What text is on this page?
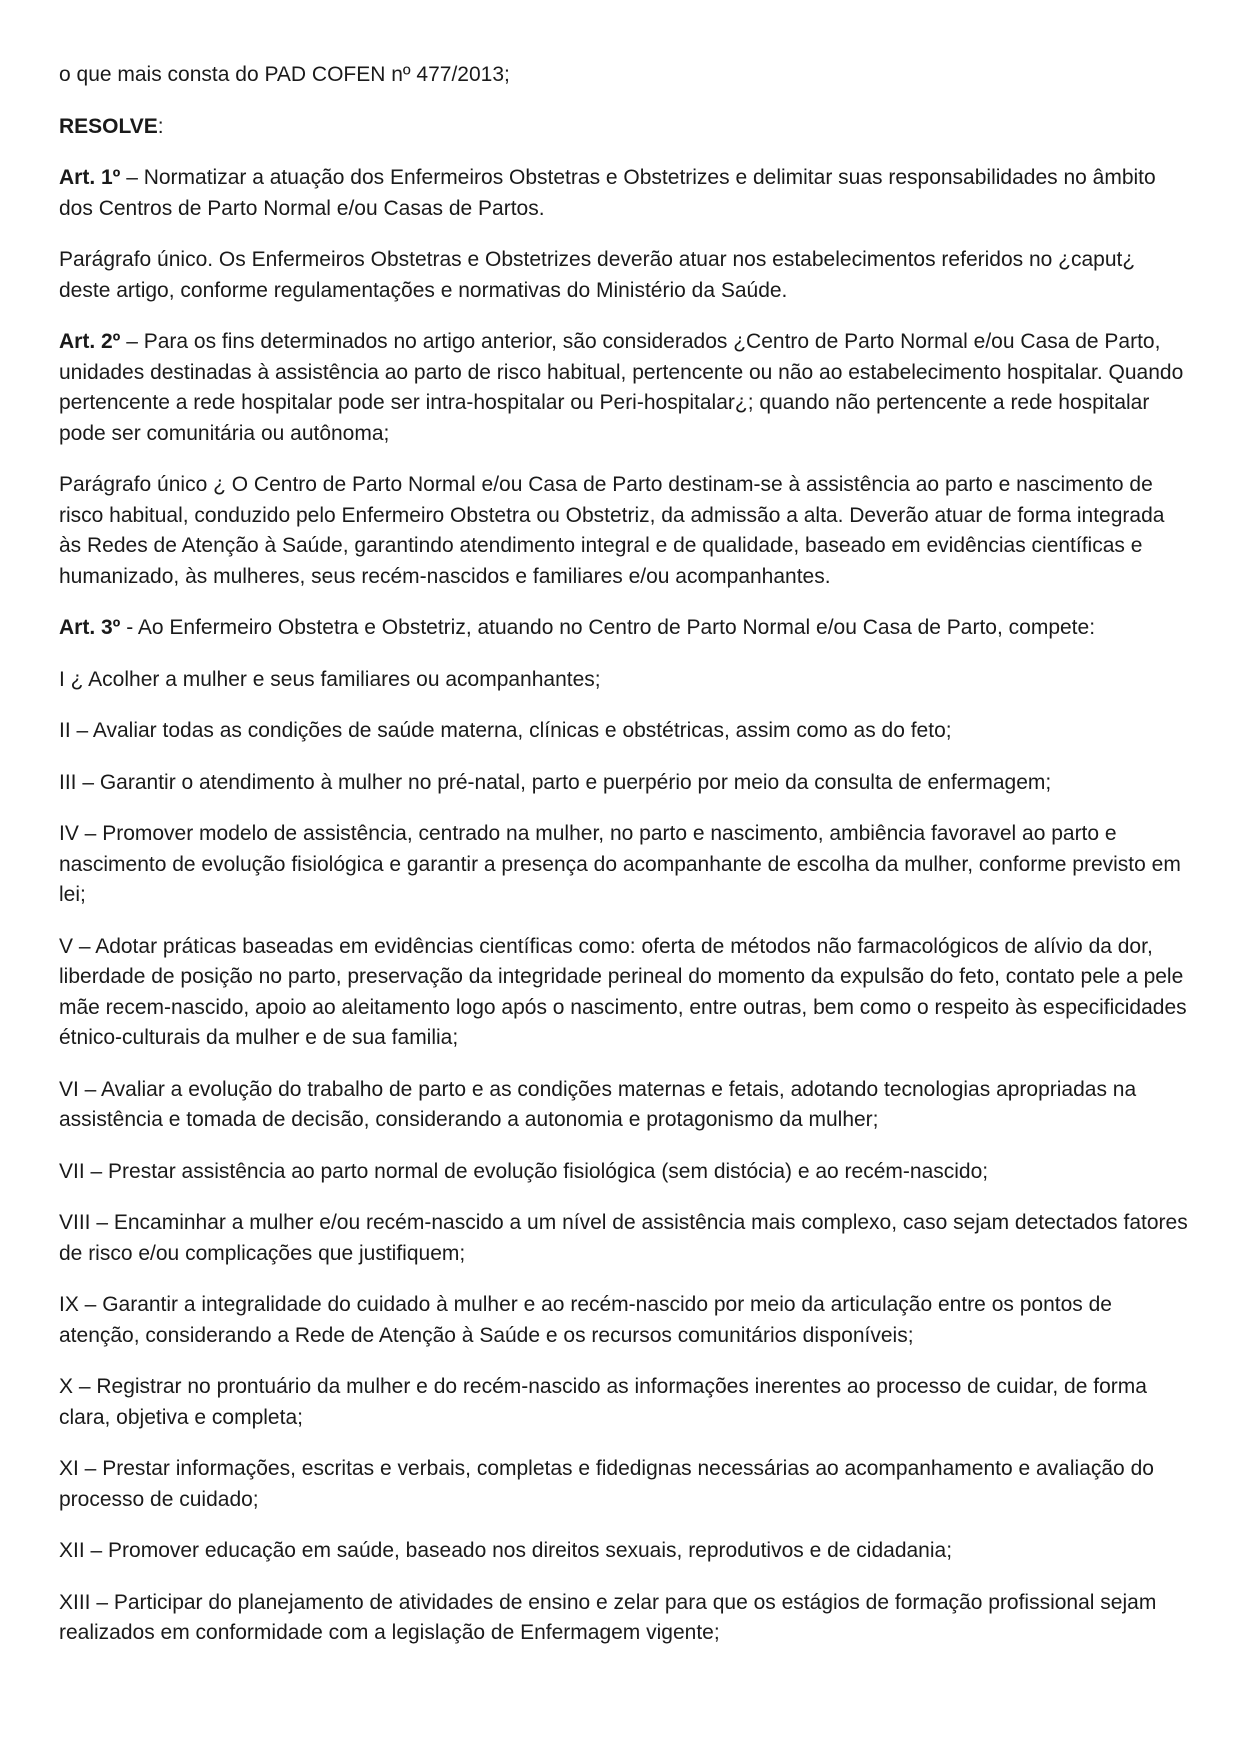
o que mais consta do PAD COFEN nº 477/2013;

RESOLVE:

Art. 1º – Normatizar a atuação dos Enfermeiros Obstetras e Obstetrizes e delimitar suas responsabilidades no âmbito dos Centros de Parto Normal e/ou Casas de Partos.

Parágrafo único. Os Enfermeiros Obstetras e Obstetrizes deverão atuar nos estabelecimentos referidos no ¿caput¿ deste artigo, conforme regulamentações e normativas do Ministério da Saúde.

Art. 2º – Para os fins determinados no artigo anterior, são considerados ¿Centro de Parto Normal e/ou Casa de Parto, unidades destinadas à assistência ao parto de risco habitual, pertencente ou não ao estabelecimento hospitalar. Quando pertencente a rede hospitalar pode ser intra-hospitalar ou Peri-hospitalar¿; quando não pertencente a rede hospitalar pode ser comunitária ou autônoma;

Parágrafo único ¿ O Centro de Parto Normal e/ou Casa de Parto destinam-se à assistência ao parto e nascimento de risco habitual, conduzido pelo Enfermeiro Obstetra ou Obstetriz, da admissão a alta. Deverão atuar de forma integrada às Redes de Atenção à Saúde, garantindo atendimento integral e de qualidade, baseado em evidências científicas e humanizado, às mulheres, seus recém-nascidos e familiares e/ou acompanhantes.

Art. 3º - Ao Enfermeiro Obstetra e Obstetriz, atuando no Centro de Parto Normal e/ou Casa de Parto, compete:

I ¿ Acolher a mulher e seus familiares ou acompanhantes;

II – Avaliar todas as condições de saúde materna, clínicas e obstétricas, assim como as do feto;

III – Garantir o atendimento à mulher no pré-natal, parto e puerpério por meio da consulta de enfermagem;

IV – Promover modelo de assistência, centrado na mulher, no parto e nascimento, ambiência favoravel ao parto e nascimento de evolução fisiológica e garantir a presença do acompanhante de escolha da mulher, conforme previsto em lei;

V – Adotar práticas baseadas em evidências científicas como: oferta de métodos não farmacológicos de alívio da dor, liberdade de posição no parto, preservação da integridade perineal do momento da expulsão do feto, contato pele a pele mãe recem-nascido, apoio ao aleitamento logo após o nascimento, entre outras, bem como o respeito às especificidades étnico-culturais da mulher e de sua familia;

VI – Avaliar a evolução do trabalho de parto e as condições maternas e fetais, adotando tecnologias apropriadas na assistência e tomada de decisão, considerando a autonomia e protagonismo da mulher;

VII – Prestar assistência ao parto normal de evolução fisiológica (sem distócia) e ao recém-nascido;

VIII – Encaminhar a mulher e/ou recém-nascido a um nível de assistência mais complexo, caso sejam detectados fatores de risco e/ou complicações que justifiquem;

IX – Garantir a integralidade do cuidado à mulher e ao recém-nascido por meio da articulação entre os pontos de atenção, considerando a Rede de Atenção à Saúde e os recursos comunitários disponíveis;

X – Registrar no prontuário da mulher e do recém-nascido as informações inerentes ao processo de cuidar, de forma clara, objetiva e completa;

XI – Prestar informações, escritas e verbais, completas e fidedignas necessárias ao acompanhamento e avaliação do processo de cuidado;

XII – Promover educação em saúde, baseado nos direitos sexuais, reprodutivos e de cidadania;

XIII – Participar do planejamento de atividades de ensino e zelar para que os estágios de formação profissional sejam realizados em conformidade com a legislação de Enfermagem vigente;
